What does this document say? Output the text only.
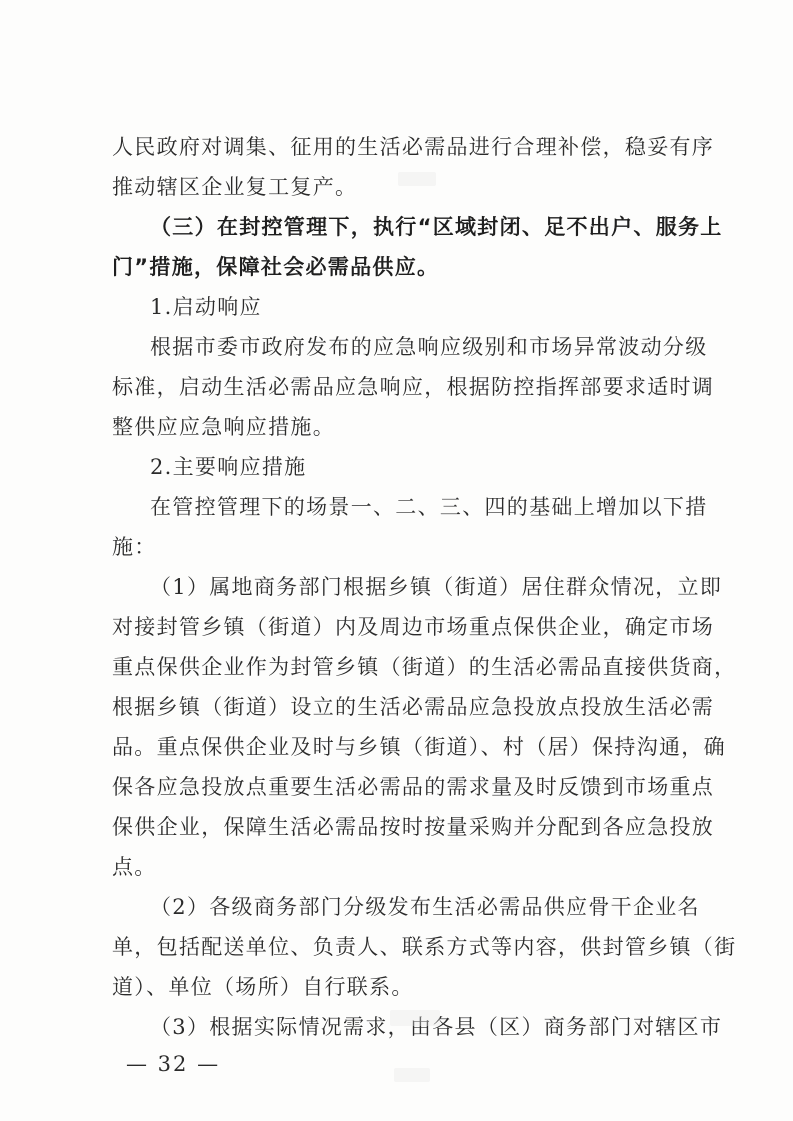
人民政府对调集、征用的生活必需品进行合理补偿，稳妥有序
推动辖区企业复工复产。
（三）在封控管理下，执行“区域封闭、足不出户、服务上
门”措施，保障社会必需品供应。
1.启动响应
根据市委市政府发布的应急响应级别和市场异常波动分级
标准，启动生活必需品应急响应，根据防控指挥部要求适时调
整供应应急响应措施。
2.主要响应措施
在管控管理下的场景一、二、三、四的基础上增加以下措
施：
（1）属地商务部门根据乡镇（街道）居住群众情况，立即
对接封管乡镇（街道）内及周边市场重点保供企业，确定市场
重点保供企业作为封管乡镇（街道）的生活必需品直接供货商，
根据乡镇（街道）设立的生活必需品应急投放点投放生活必需
品。重点保供企业及时与乡镇（街道）、村（居）保持沟通，确
保各应急投放点重要生活必需品的需求量及时反馈到市场重点
保供企业，保障生活必需品按时按量采购并分配到各应急投放
点。
（2）各级商务部门分级发布生活必需品供应骨干企业名
单，包括配送单位、负责人、联系方式等内容，供封管乡镇（街
道）、单位（场所）自行联系。
（3）根据实际情况需求，由各县（区）商务部门对辖区市
— 32 —
